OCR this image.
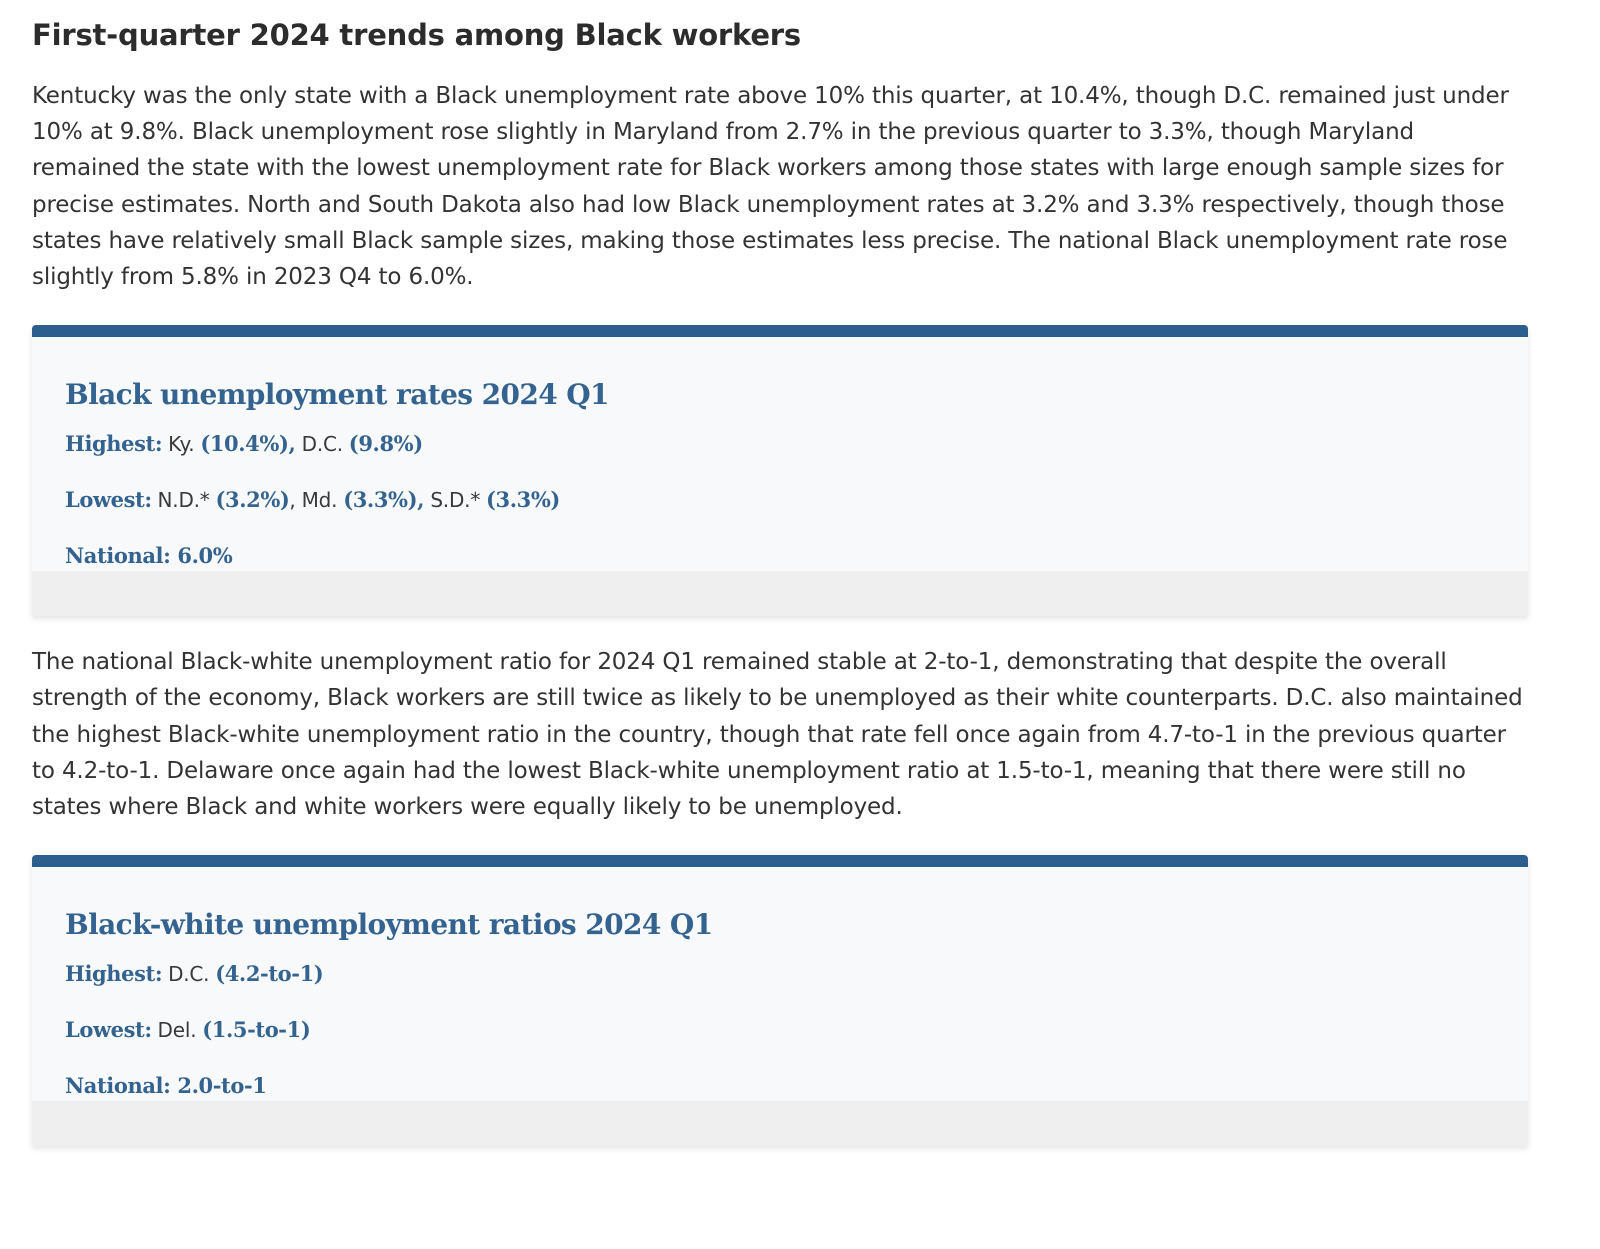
First-quarter 2024 trends among Black workers

Kentucky was the only state with a Black unemployment rate above 10% this quarter, at 10.4%, though D.C. remained just under 10% at 9.8%. Black unemployment rose slightly in Maryland from 2.7% in the previous quarter to 3.3%, though Maryland remained the state with the lowest unemployment rate for Black workers among those states with large enough sample sizes for precise estimates. North and South Dakota also had low Black unemployment rates at 3.2% and 3.3% respectively, though those states have relatively small Black sample sizes, making those estimates less precise. The national Black unemployment rate rose slightly from 5.8% in 2023 Q4 to 6.0%.

Black unemployment rates 2024 Q1
Highest: Ky. (10.4%), D.C. (9.8%)
Lowest: N.D.* (3.2%), Md. (3.3%), S.D.* (3.3%)
National: 6.0%

The national Black-white unemployment ratio for 2024 Q1 remained stable at 2-to-1, demonstrating that despite the overall strength of the economy, Black workers are still twice as likely to be unemployed as their white counterparts. D.C. also maintained the highest Black-white unemployment ratio in the country, though that rate fell once again from 4.7-to-1 in the previous quarter to 4.2-to-1. Delaware once again had the lowest Black-white unemployment ratio at 1.5-to-1, meaning that there were still no states where Black and white workers were equally likely to be unemployed.

Black-white unemployment ratios 2024 Q1
Highest: D.C. (4.2-to-1)
Lowest: Del. (1.5-to-1)
National: 2.0-to-1
